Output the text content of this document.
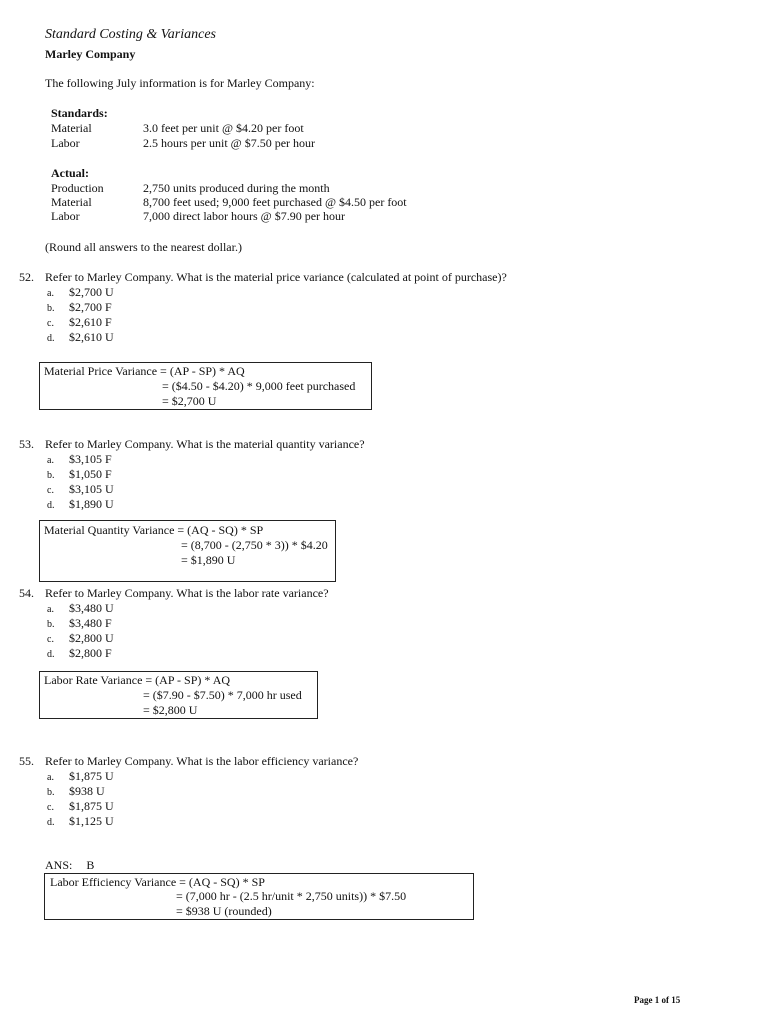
Standard Costing & Variances
Marley Company
The following July information is for Marley Company:
Standards:
Material	3.0 feet per unit @ $4.20 per foot
Labor	2.5 hours per unit @ $7.50 per hour
Actual:
Production	2,750 units produced during the month
Material	8,700 feet used; 9,000 feet purchased @ $4.50 per foot
Labor	7,000 direct labor hours @ $7.90 per hour
(Round all answers to the nearest dollar.)
52. Refer to Marley Company. What is the material price variance (calculated at point of purchase)?
a. $2,700 U
b. $2,700 F
c. $2,610 F
d. $2,610 U
Material Price Variance = (AP - SP) * AQ
= ($4.50 - $4.20) * 9,000 feet purchased
= $2,700 U
53. Refer to Marley Company. What is the material quantity variance?
a. $3,105 F
b. $1,050 F
c. $3,105 U
d. $1,890 U
Material Quantity Variance = (AQ - SQ) * SP
= (8,700 - (2,750 * 3)) * $4.20
= $1,890 U
54. Refer to Marley Company. What is the labor rate variance?
a. $3,480 U
b. $3,480 F
c. $2,800 U
d. $2,800 F
Labor Rate Variance = (AP - SP) * AQ
= ($7.90 - $7.50) * 7,000 hr used
= $2,800 U
55. Refer to Marley Company. What is the labor efficiency variance?
a. $1,875 U
b. $938 U
c. $1,875 U
d. $1,125 U
ANS: B
Labor Efficiency Variance = (AQ - SQ) * SP
= (7,000 hr - (2.5 hr/unit * 2,750 units)) * $7.50
= $938 U (rounded)
Page 1 of 15
